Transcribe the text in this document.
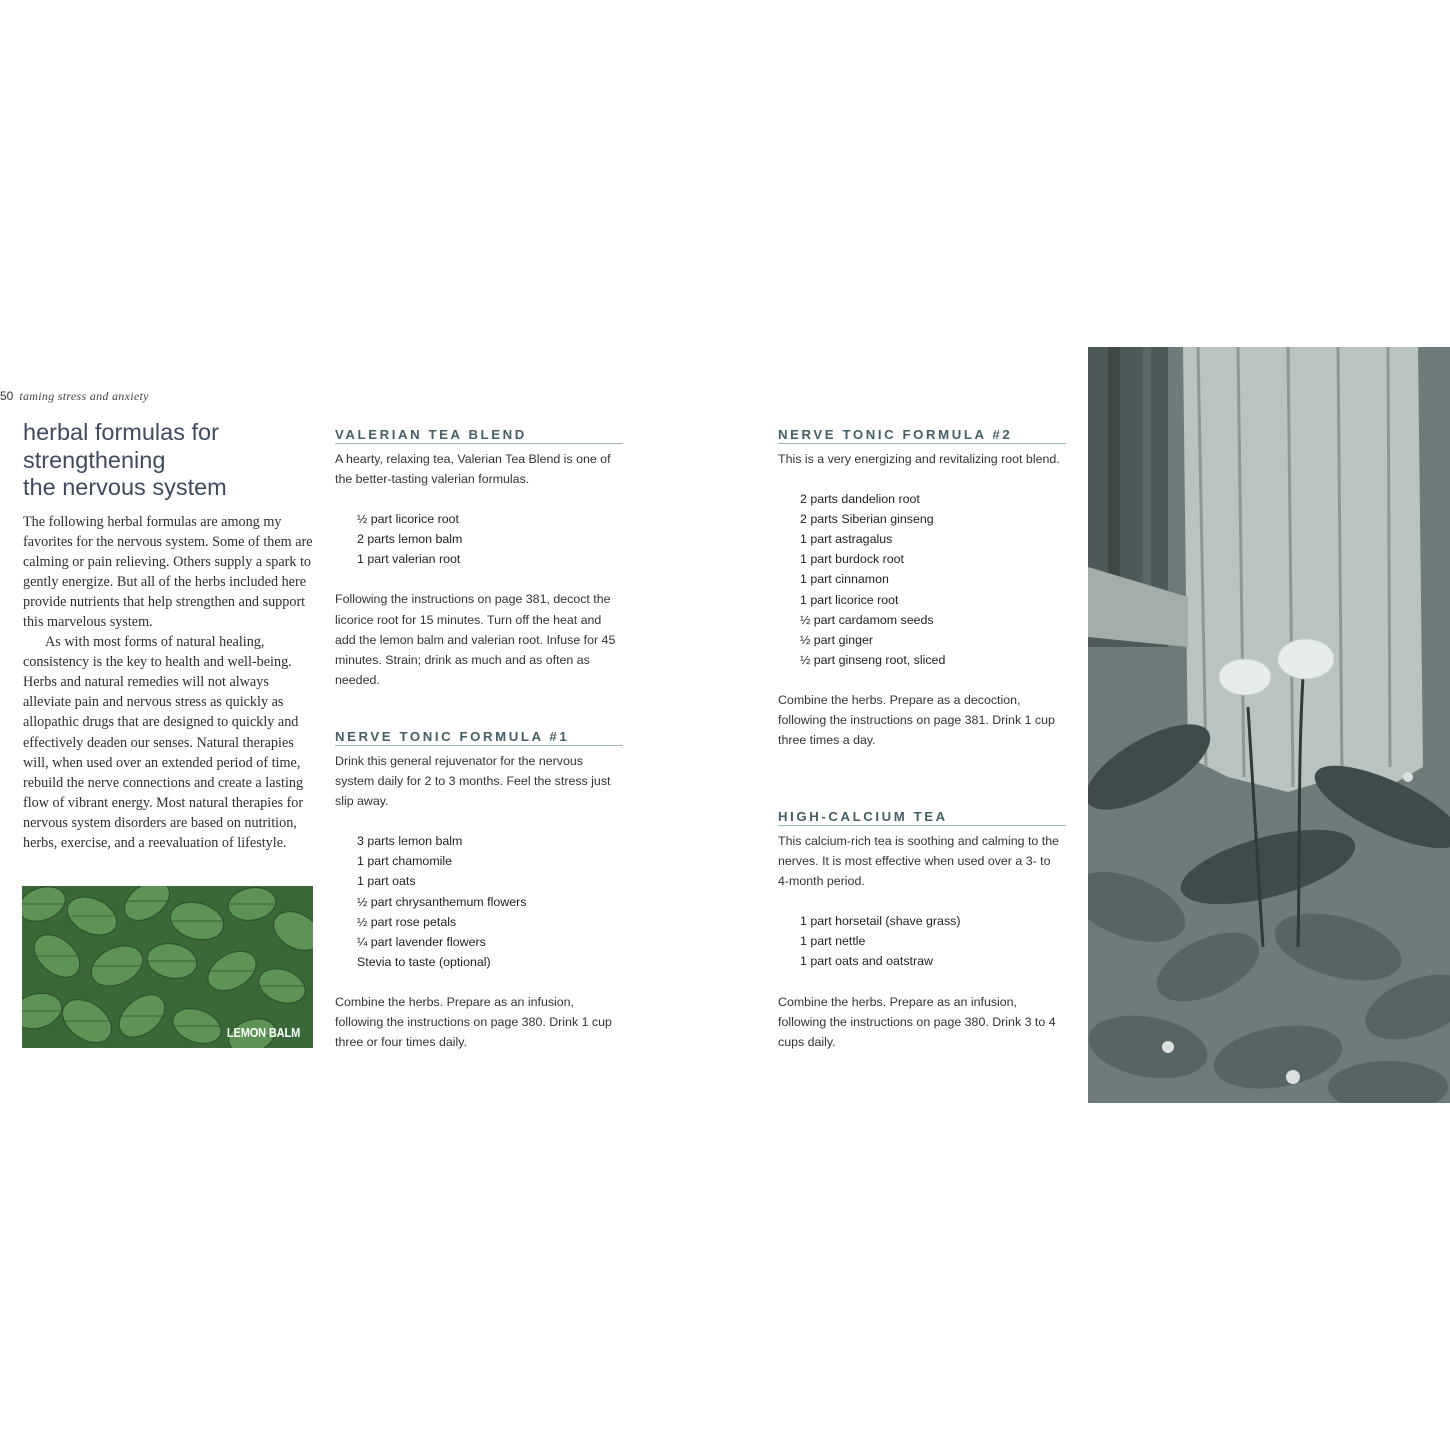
50 taming stress and anxiety
herbal formulas for
strengthening
the nervous system

The following herbal formulas are among my favorites for the nervous system. Some of them are calming or pain relieving. Others supply a spark to gently energize. But all of the herbs included here provide nutrients that help strengthen and support this marvelous system.

As with most forms of natural healing, consistency is the key to health and well-being. Herbs and natural remedies will not always alleviate pain and nervous stress as quickly as allopathic drugs that are designed to quickly and effectively deaden our senses. Natural therapies will, when used over an extended period of time, rebuild the nerve connections and create a lasting flow of vibrant energy. Most natural therapies for nervous system disorders are based on nutrition, herbs, exercise, and a reevaluation of lifestyle.

LEMON BALM
VALERIAN TEA BLEND

A hearty, relaxing tea, Valerian Tea Blend is one of the better-tasting valerian formulas.

½ part licorice root
2 parts lemon balm
1 part valerian root

Following the instructions on page 381, decoct the licorice root for 15 minutes. Turn off the heat and add the lemon balm and valerian root. Infuse for 45 minutes. Strain; drink as much and as often as needed.

NERVE TONIC FORMULA #1

Drink this general rejuvenator for the nervous system daily for 2 to 3 months. Feel the stress just slip away.

3 parts lemon balm
1 part chamomile
1 part oats
½ part chrysanthemum flowers
½ part rose petals
¼ part lavender flowers
Stevia to taste (optional)

Combine the herbs. Prepare as an infusion, following the instructions on page 380. Drink 1 cup three or four times daily.

NERVE TONIC FORMULA #2

This is a very energizing and revitalizing root blend.

2 parts dandelion root
2 parts Siberian ginseng
1 part astragalus
1 part burdock root
1 part cinnamon
1 part licorice root
½ part cardamom seeds
½ part ginger
½ part ginseng root, sliced

Combine the herbs. Prepare as a decoction, following the instructions on page 381. Drink 1 cup three times a day.

HIGH-CALCIUM TEA

This calcium-rich tea is soothing and calming to the nerves. It is most effective when used over a 3- to 4-month period.

1 part horsetail (shave grass)
1 part nettle
1 part oats and oatstraw

Combine the herbs. Prepare as an infusion, following the instructions on page 380. Drink 3 to 4 cups daily.
